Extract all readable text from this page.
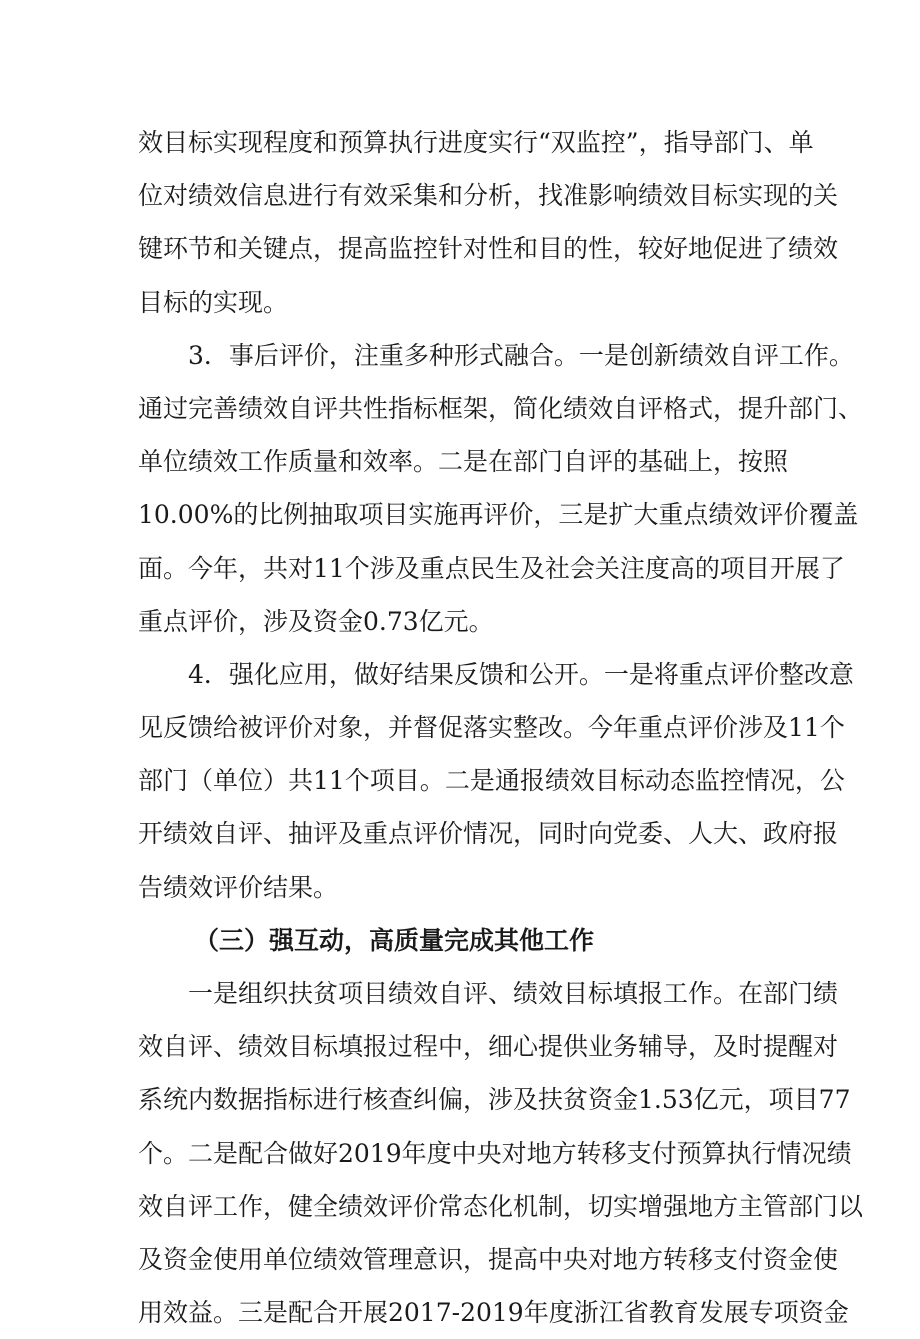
效目标实现程度和预算执行进度实行“双监控”，指导部门、单
位对绩效信息进行有效采集和分析，找准影响绩效目标实现的关
键环节和关键点，提高监控针对性和目的性，较好地促进了绩效
目标的实现。
3．事后评价，注重多种形式融合。一是创新绩效自评工作。
通过完善绩效自评共性指标框架，简化绩效自评格式，提升部门、
单位绩效工作质量和效率。二是在部门自评的基础上，按照
10.00%的比例抽取项目实施再评价，三是扩大重点绩效评价覆盖
面。今年，共对11个涉及重点民生及社会关注度高的项目开展了
重点评价，涉及资金0.73亿元。
4．强化应用，做好结果反馈和公开。一是将重点评价整改意
见反馈给被评价对象，并督促落实整改。今年重点评价涉及11个
部门（单位）共11个项目。二是通报绩效目标动态监控情况，公
开绩效自评、抽评及重点评价情况，同时向党委、人大、政府报
告绩效评价结果。
（三）强互动，高质量完成其他工作
一是组织扶贫项目绩效自评、绩效目标填报工作。在部门绩
效自评、绩效目标填报过程中，细心提供业务辅导，及时提醒对
系统内数据指标进行核查纠偏，涉及扶贫资金1.53亿元，项目77
个。二是配合做好2019年度中央对地方转移支付预算执行情况绩
效自评工作，健全绩效评价常态化机制，切实增强地方主管部门以
及资金使用单位绩效管理意识，提高中央对地方转移支付资金使
用效益。三是配合开展2017-2019年度浙江省教育发展专项资金
